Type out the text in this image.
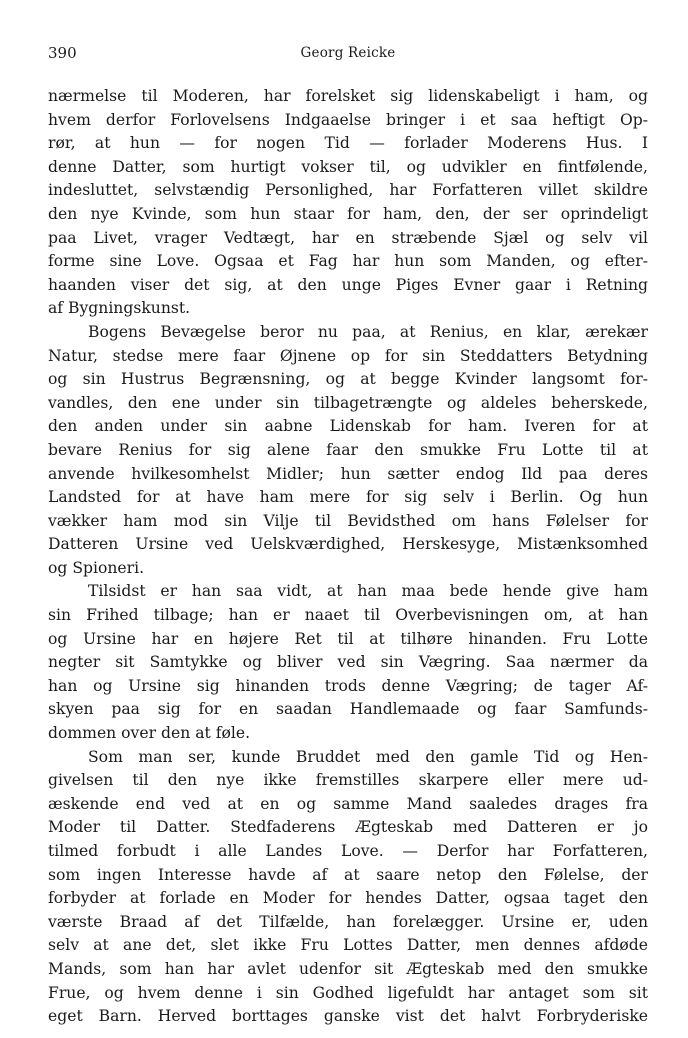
390	Georg Reicke
nærmelse til Moderen, har forelsket sig lidenskabeligt i ham, og
hvem derfor Forlovelsens Indgaaelse bringer i et saa heftigt Op-
rør, at hun — for nogen Tid — forlader Moderens Hus. I
denne Datter, som hurtigt vokser til, og udvikler en fintfølende,
indesluttet, selvstændig Personlighed, har Forfatteren villet skildre
den nye Kvinde, som hun staar for ham, den, der ser oprindeligt
paa Livet, vrager Vedtægt, har en stræbende Sjæl og selv vil
forme sine Love. Ogsaa et Fag har hun som Manden, og efter-
haanden viser det sig, at den unge Piges Evner gaar i Retning
af Bygningskunst.
Bogens Bevægelse beror nu paa, at Renius, en klar, ærekær
Natur, stedse mere faar Øjnene op for sin Steddatters Betydning
og sin Hustrus Begrænsning, og at begge Kvinder langsomt for-
vandles, den ene under sin tilbagetrængte og aldeles beherskede,
den anden under sin aabne Lidenskab for ham. Iveren for at
bevare Renius for sig alene faar den smukke Fru Lotte til at
anvende hvilkesomhelst Midler; hun sætter endog Ild paa deres
Landsted for at have ham mere for sig selv i Berlin. Og hun
vækker ham mod sin Vilje til Bevidsthed om hans Følelser for
Datteren Ursine ved Uelskværdighed, Herskesyge, Mistænksomhed
og Spioneri.
Tilsidst er han saa vidt, at han maa bede hende give ham
sin Frihed tilbage; han er naaet til Overbevisningen om, at han
og Ursine har en højere Ret til at tilhøre hinanden. Fru Lotte
negter sit Samtykke og bliver ved sin Vægring. Saa nærmer da
han og Ursine sig hinanden trods denne Vægring; de tager Af-
skyen paa sig for en saadan Handlemaade og faar Samfunds-
dommen over den at føle.
Som man ser, kunde Bruddet med den gamle Tid og Hen-
givelsen til den nye ikke fremstilles skarpere eller mere ud-
æskende end ved at en og samme Mand saaledes drages fra
Moder til Datter. Stedfaderens Ægteskab med Datteren er jo
tilmed forbudt i alle Landes Love. — Derfor har Forfatteren,
som ingen Interesse havde af at saare netop den Følelse, der
forbyder at forlade en Moder for hendes Datter, ogsaa taget den
værste Braad af det Tilfælde, han forelægger. Ursine er, uden
selv at ane det, slet ikke Fru Lottes Datter, men dennes afdøde
Mands, som han har avlet udenfor sit Ægteskab med den smukke
Frue, og hvem denne i sin Godhed ligefuldt har antaget som sit
eget Barn. Herved borttages ganske vist det halvt Forbryderiske
